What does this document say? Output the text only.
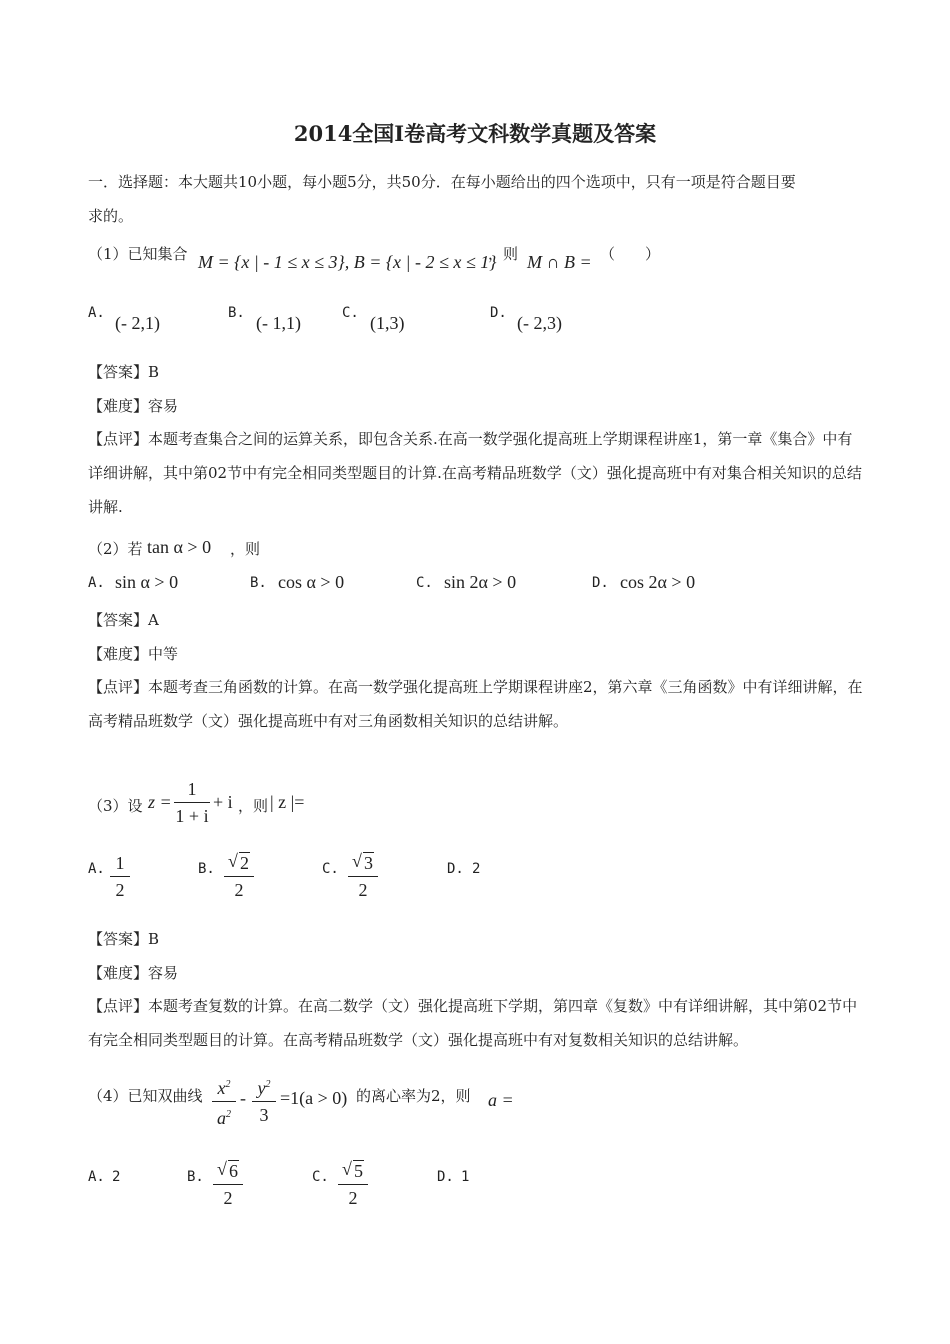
2014全国Ⅰ卷高考文科数学真题及答案
一．选择题：本大题共10小题，每小题5分，共50分．在每小题给出的四个选项中，只有一项是符合题目要
求的。
（1）已知集合 M = {x | - 1 ≤ x ≤ 3}, B = {x | - 2 ≤ x ≤ 1}
，则 M ∩ B = （　　）
A. (- 2,1)	B. (- 1,1)	C. (1,3)	D. (- 2,3)
【答案】B
【难度】容易
【点评】本题考查集合之间的运算关系，即包含关系.在高一数学强化提高班上学期课程讲座1，第一章《集合》中有详细讲解，其中第02节中有完全相同类型题目的计算.在高考精品班数学（文）强化提高班中有对集合相关知识的总结讲解.
（2）若 tan α > 0 ，则
A. sin α > 0	B. cos α > 0	C. sin 2α > 0	D. cos 2α > 0
【答案】A
【难度】中等
【点评】本题考查三角函数的计算。在高一数学强化提高班上学期课程讲座2，第六章《三角函数》中有详细讲解，在高考精品班数学（文）强化提高班中有对三角函数相关知识的总结讲解。
（3）设 z =
1
1 + i
+ i ，则 | z |=
A. 1
2
B. √ 2
2
C. √ 3
2
D. 2
【答案】B
【难度】容易
【点评】本题考查复数的计算。在高二数学（文）强化提高班下学期，第四章《复数》中有详细讲解，其中第02节中有完全相同类型题目的计算。在高考精品班数学（文）强化提高班中有对复数相关知识的总结讲解。
（4）已知双曲线 $x^2$
$a^2$
- $y^2$
3
=1(a > 0) 的离心率为2，则 a =
A. 2	B. √ 6
2
C. √ 5
2
D. 1
